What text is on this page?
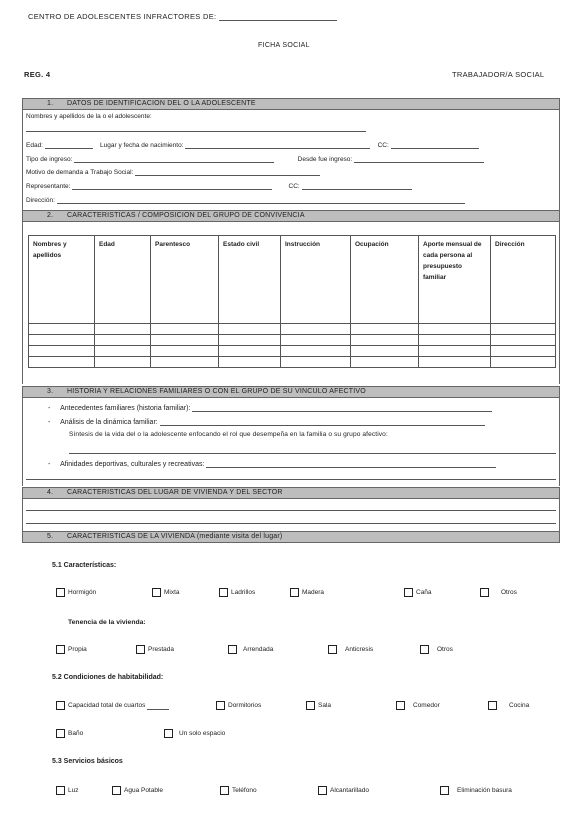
CENTRO DE ADOLESCENTES INFRACTORES DE:
FICHA SOCIAL
REG. 4	TRABAJADOR/A SOCIAL
1. DATOS DE IDENTIFICACION DEL O LA ADOLESCENTE
Nombres y apellidos de la o el adolescente:
Edad:	Lugar y fecha de nacimiento:	CC:
Tipo de ingreso:	Desde fue ingreso:
Motivo de demanda a Trabajo Social:
Representante:	CC:
Dirección:
2. CARACTERISTICAS / COMPOSICION DEL GRUPO DE CONVIVENCIA
Nombres y apellidos	Edad	Parentesco	Estado civil	Instrucción	Ocupación	Aporte mensual de cada persona al presupuesto familiar	Dirección

3. HISTORIA Y RELACIONES FAMILIARES O CON EL GRUPO DE SU VINCULO AFECTIVO
-     Antecedentes familiares (historia familiar):
-     Análisis de la dinámica familiar:
Síntesis de la vida del o la adolescente enfocando el rol que desempeña en la familia o su grupo afectivo:
-     Afinidades deportivas, culturales y recreativas:
4. CARACTERISTICAS DEL LUGAR DE VIVIENDA Y DEL SECTOR
5. CARACTERISTICAS DE LA VIVIENDA (mediante visita del lugar)
5.1 Características:
Hormigón	Mixta	Ladrillos	Madera	Caña	Otros
Tenencia de la vivienda:
Propia	Prestada	Arrendada	Anticresis	Otros
5.2 Condiciones de habitabilidad:
Capacidad total de cuartos	Dormitorios	Sala	Comedor	Cocina
Baño	Un solo espacio
5.3 Servicios básicos
Luz	Agua Potable	Teléfono	Alcantarillado	Eliminación basura
